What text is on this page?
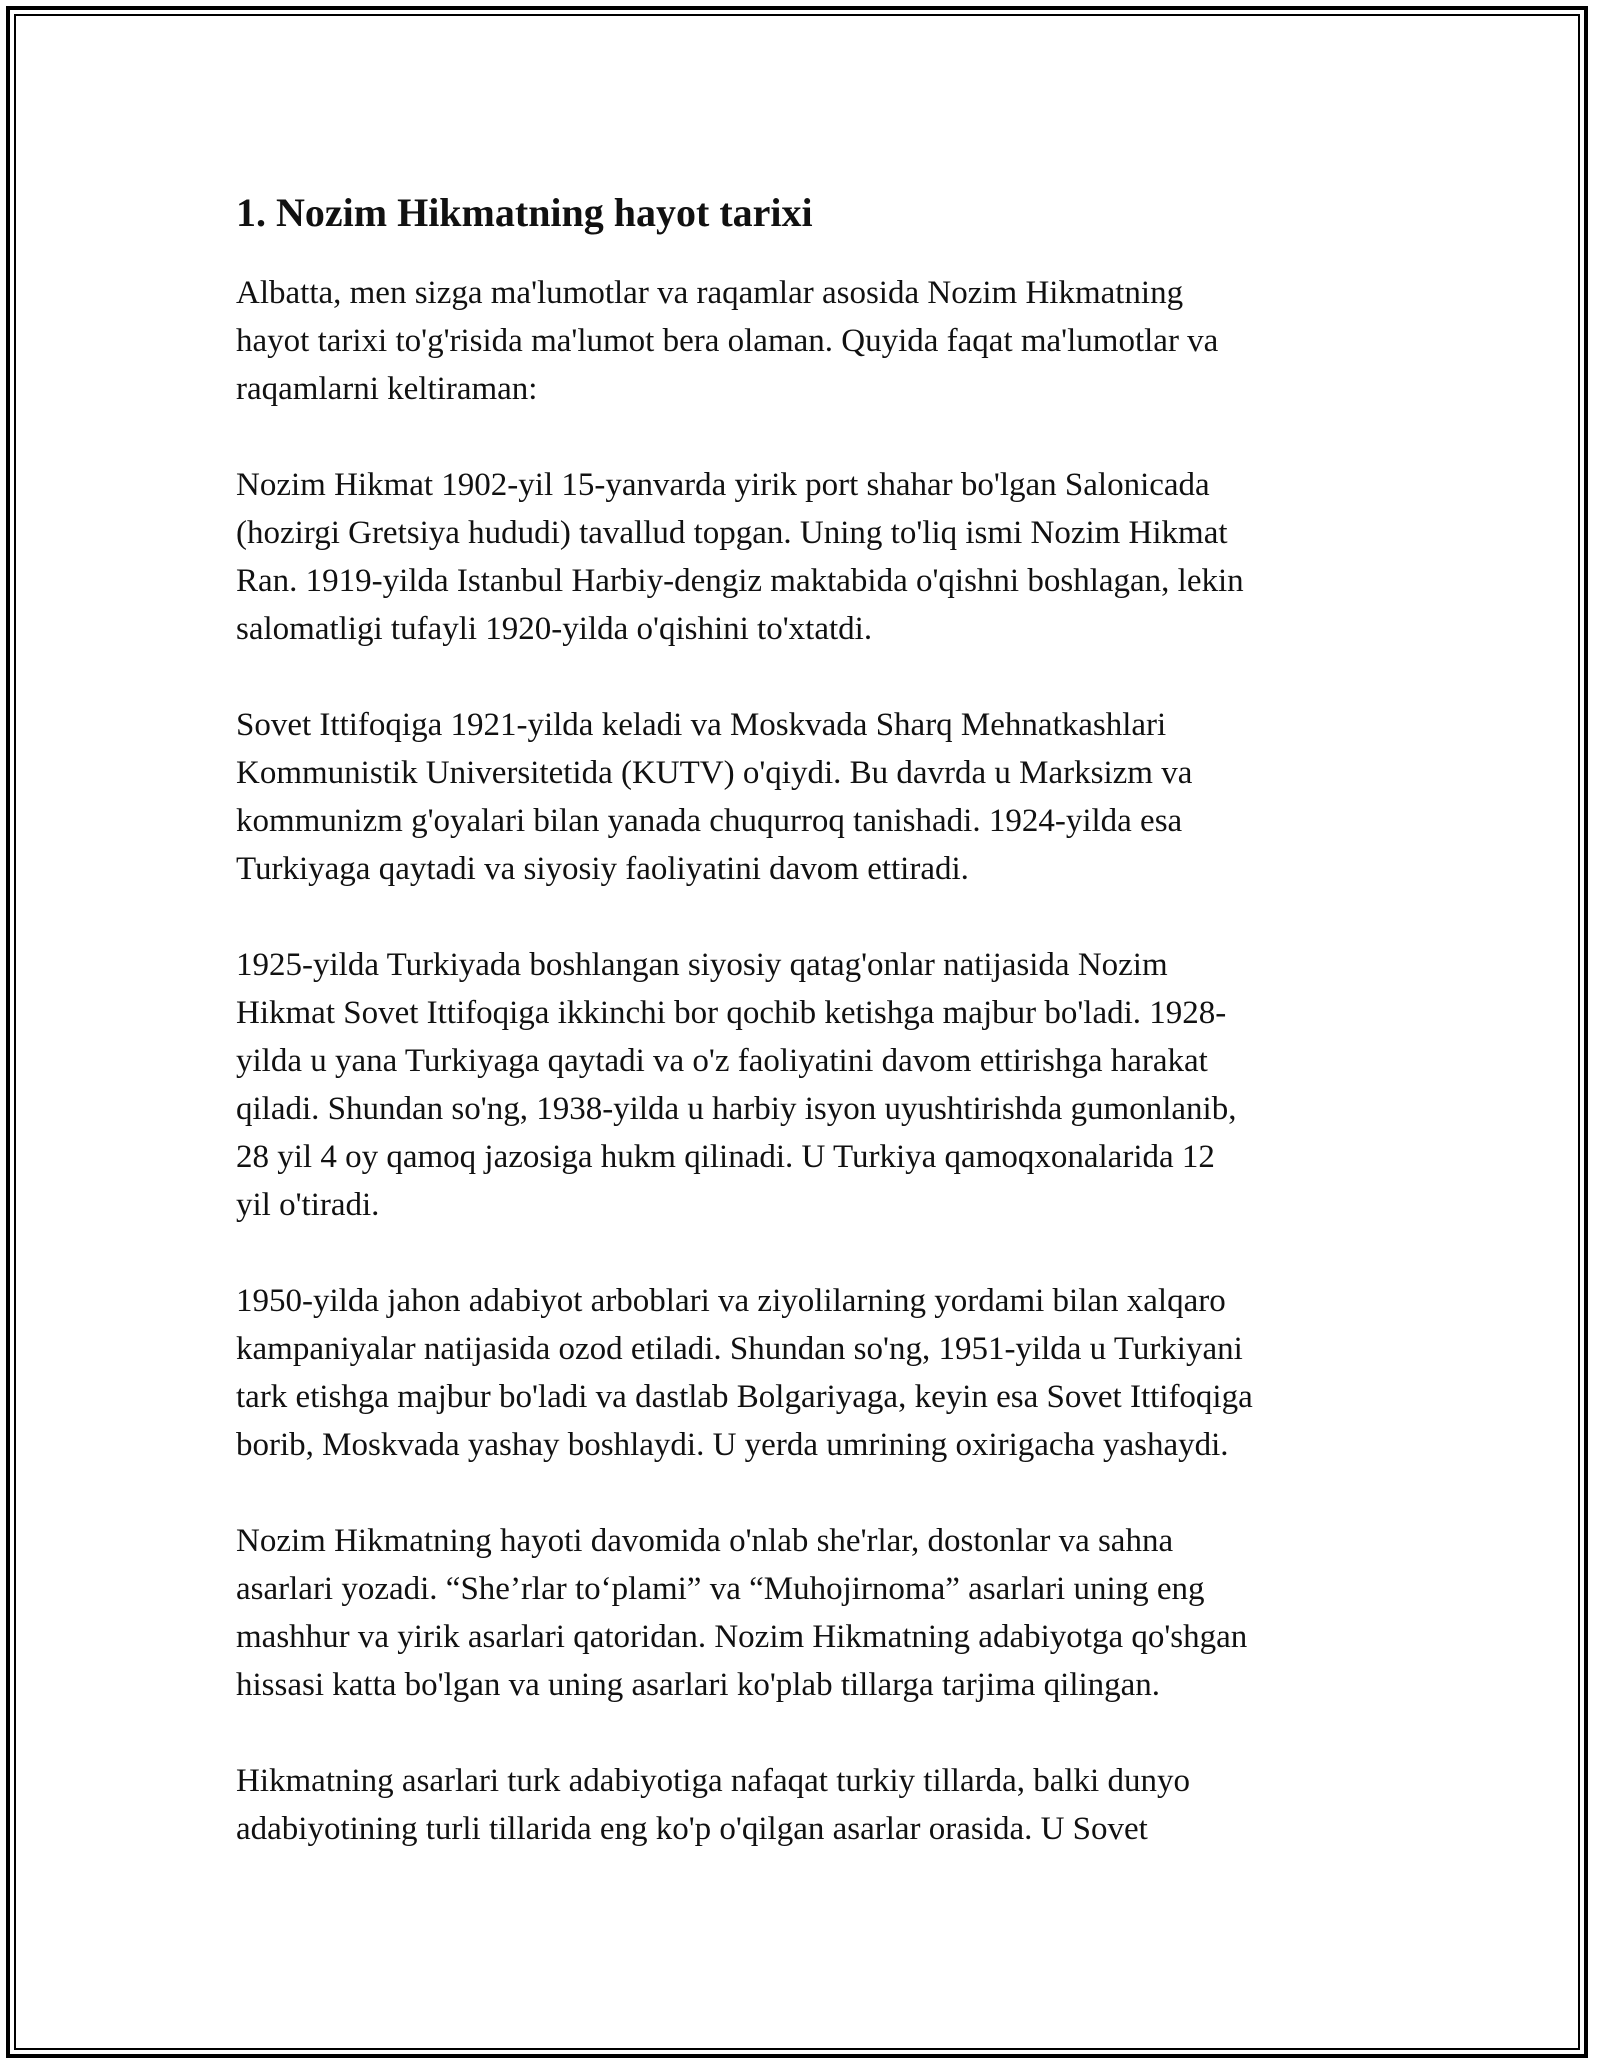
1. Nozim Hikmatning hayot tarixi

Albatta, men sizga ma'lumotlar va raqamlar asosida Nozim Hikmatning
hayot tarixi to'g'risida ma'lumot bera olaman. Quyida faqat ma'lumotlar va
raqamlarni keltiraman:

Nozim Hikmat 1902-yil 15-yanvarda yirik port shahar bo'lgan Salonicada
(hozirgi Gretsiya hududi) tavallud topgan. Uning to'liq ismi Nozim Hikmat
Ran. 1919-yilda Istanbul Harbiy-dengiz maktabida o'qishni boshlagan, lekin
salomatligi tufayli 1920-yilda o'qishini to'xtatdi.

Sovet Ittifoqiga 1921-yilda keladi va Moskvada Sharq Mehnatkashlari
Kommunistik Universitetida (KUTV) o'qiydi. Bu davrda u Marksizm va
kommunizm g'oyalari bilan yanada chuqurroq tanishadi. 1924-yilda esa
Turkiyaga qaytadi va siyosiy faoliyatini davom ettiradi.

1925-yilda Turkiyada boshlangan siyosiy qatag'onlar natijasida Nozim
Hikmat Sovet Ittifoqiga ikkinchi bor qochib ketishga majbur bo'ladi. 1928-
yilda u yana Turkiyaga qaytadi va o'z faoliyatini davom ettirishga harakat
qiladi. Shundan so'ng, 1938-yilda u harbiy isyon uyushtirishda gumonlanib,
28 yil 4 oy qamoq jazosiga hukm qilinadi. U Turkiya qamoqxonalarida 12
yil o'tiradi.

1950-yilda jahon adabiyot arboblari va ziyolilarning yordami bilan xalqaro
kampaniyalar natijasida ozod etiladi. Shundan so'ng, 1951-yilda u Turkiyani
tark etishga majbur bo'ladi va dastlab Bolgariyaga, keyin esa Sovet Ittifoqiga
borib, Moskvada yashay boshlaydi. U yerda umrining oxirigacha yashaydi.

Nozim Hikmatning hayoti davomida o'nlab she'rlar, dostonlar va sahna
asarlari yozadi. “She’rlar to‘plami” va “Muhojirnoma” asarlari uning eng
mashhur va yirik asarlari qatoridan. Nozim Hikmatning adabiyotga qo'shgan
hissasi katta bo'lgan va uning asarlari ko'plab tillarga tarjima qilingan.

Hikmatning asarlari turk adabiyotiga nafaqat turkiy tillarda, balki dunyo
adabiyotining turli tillarida eng ko'p o'qilgan asarlar orasida. U Sovet
